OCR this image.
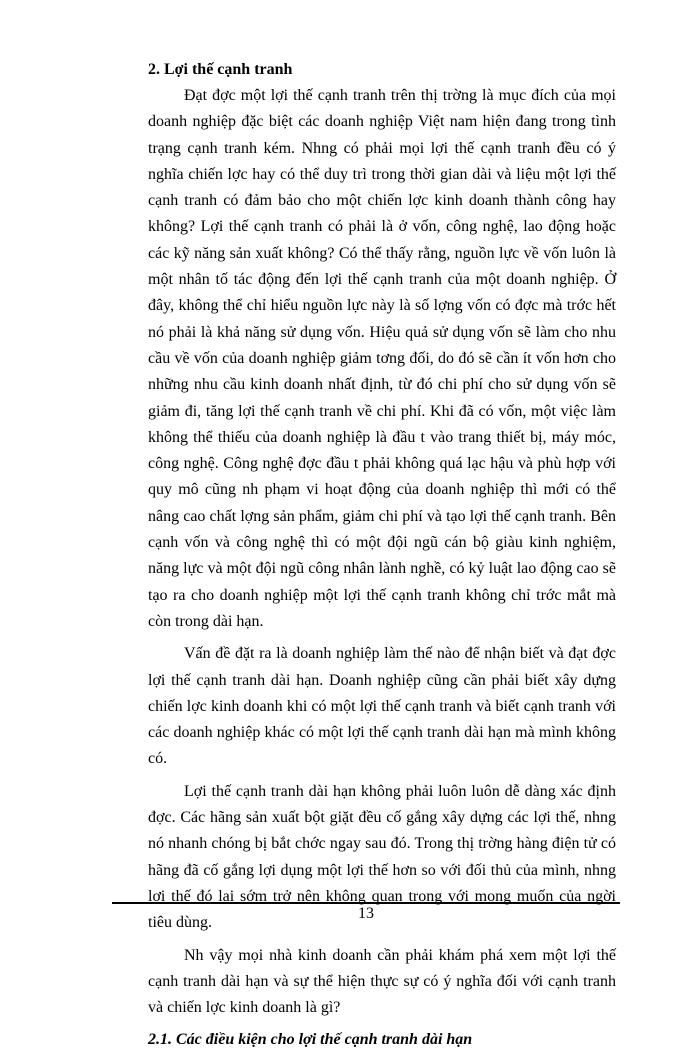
2. Lợi thế cạnh tranh

Đạt đợc một lợi thế cạnh tranh trên thị trờng là mục đích của mọi doanh nghiệp đặc biệt các doanh nghiệp Việt nam hiện đang trong tình trạng cạnh tranh kém. Nhng có phải mọi lợi thế cạnh tranh đều có ý nghĩa chiến lợc hay có thể duy trì trong thời gian dài và liệu một lợi thế cạnh tranh có đảm bảo cho một chiến lợc kinh doanh thành công hay không? Lợi thế cạnh tranh có phải là ở vốn, công nghệ, lao động hoặc các kỹ năng sản xuất không? Có thể thấy rằng, nguồn lực về vốn luôn là một nhân tố tác động đến lợi thế cạnh tranh của một doanh nghiệp. Ở đây, không thể chỉ hiểu nguồn lực này là số lợng vốn có đợc mà trớc hết nó phải là khả năng sử dụng vốn. Hiệu quả sử dụng vốn sẽ làm cho nhu cầu về vốn của doanh nghiệp giảm tơng đối, do đó sẽ cần ít vốn hơn cho những nhu cầu kinh doanh nhất định, từ đó chi phí cho sử dụng vốn sẽ giảm đi, tăng lợi thế cạnh tranh về chi phí. Khi đã có vốn, một việc làm không thể thiếu của doanh nghiệp là đầu t vào trang thiết bị, máy móc, công nghệ. Công nghệ đợc đầu t phải không quá lạc hậu và phù hợp với quy mô cũng nh phạm vi hoạt động của doanh nghiệp thì mới có thể nâng cao chất lợng sản phẩm, giảm chi phí và tạo lợi thế cạnh tranh. Bên cạnh vốn và công nghệ thì có một đội ngũ cán bộ giàu kinh nghiệm, năng lực và một đội ngũ công nhân lành nghề, có kỷ luật lao động cao sẽ tạo ra cho doanh nghiệp một lợi thế cạnh tranh không chỉ trớc mắt mà còn trong dài hạn.

Vấn đề đặt ra là doanh nghiệp làm thế nào để nhận biết và đạt đợc lợi thế cạnh tranh dài hạn. Doanh nghiệp cũng cần phải biết xây dựng chiến lợc kinh doanh khi có một lợi thế cạnh tranh và biết cạnh tranh với các doanh nghiệp khác có một lợi thế cạnh tranh dài hạn mà mình không có.

Lợi thế cạnh tranh dài hạn không phải luôn luôn dễ dàng xác định đợc. Các hãng sản xuất bột giặt đều cố gắng xây dựng các lợi thế, nhng nó nhanh chóng bị bắt chớc ngay sau đó. Trong thị trờng hàng điện tử có hãng đã cố gắng lợi dụng một lợi thế hơn so với đối thủ của mình, nhng lợi thế đó lại sớm trở nên không quan trọng với mong muốn của ngời tiêu dùng.

Nh vậy mọi nhà kinh doanh cần phải khám phá xem một lợi thế cạnh tranh dài hạn và sự thể hiện thực sự có ý nghĩa đối với cạnh tranh và chiến lợc kinh doanh là gì?

2.1. Các điều kiện cho lợi thế cạnh tranh dài hạn
13
